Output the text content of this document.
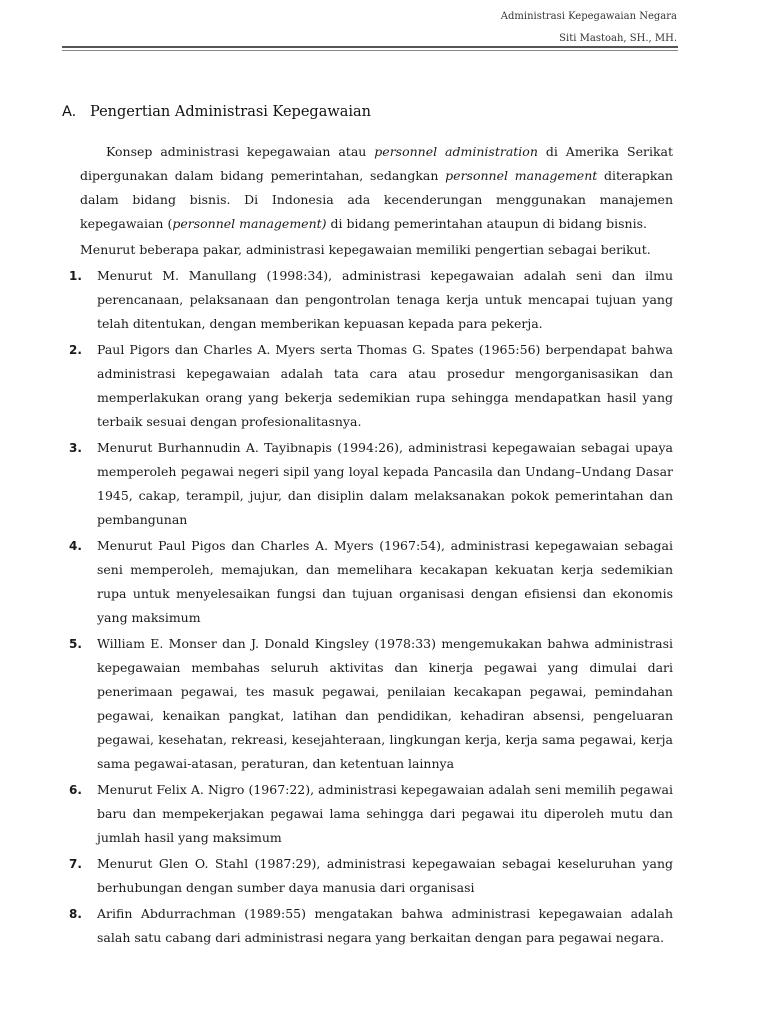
Administrasi Kepegawaian Negara
Siti Mastoah, SH., MH.
A. Pengertian Administrasi Kepegawaian

Konsep administrasi kepegawaian atau personnel administration di Amerika Serikat dipergunakan dalam bidang pemerintahan, sedangkan personnel management diterapkan dalam bidang bisnis. Di Indonesia ada kecenderungan menggunakan manajemen kepegawaian (personnel management) di bidang pemerintahan ataupun di bidang bisnis.

Menurut beberapa pakar, administrasi kepegawaian memiliki pengertian sebagai berikut.

1. Menurut M. Manullang (1998:34), administrasi kepegawaian adalah seni dan ilmu perencanaan, pelaksanaan dan pengontrolan tenaga kerja untuk mencapai tujuan yang telah ditentukan, dengan memberikan kepuasan kepada para pekerja.
2. Paul Pigors dan Charles A. Myers serta Thomas G. Spates (1965:56) berpendapat bahwa administrasi kepegawaian adalah tata cara atau prosedur mengorganisasikan dan memperlakukan orang yang bekerja sedemikian rupa sehingga mendapatkan hasil yang terbaik sesuai dengan profesionalitasnya.
3. Menurut Burhannudin A. Tayibnapis (1994:26), administrasi kepegawaian sebagai upaya memperoleh pegawai negeri sipil yang loyal kepada Pancasila dan Undang–Undang Dasar 1945, cakap, terampil, jujur, dan disiplin dalam melaksanakan pokok pemerintahan dan pembangunan
4. Menurut Paul Pigos dan Charles A. Myers (1967:54), administrasi kepegawaian sebagai seni memperoleh, memajukan, dan memelihara kecakapan kekuatan kerja sedemikian rupa untuk menyelesaikan fungsi dan tujuan organisasi dengan efisiensi dan ekonomis yang maksimum
5. William E. Monser dan J. Donald Kingsley (1978:33) mengemukakan bahwa administrasi kepegawaian membahas seluruh aktivitas dan kinerja pegawai yang dimulai dari penerimaan pegawai, tes masuk pegawai, penilaian kecakapan pegawai, pemindahan pegawai, kenaikan pangkat, latihan dan pendidikan, kehadiran absensi, pengeluaran pegawai, kesehatan, rekreasi, kesejahteraan, lingkungan kerja, kerja sama pegawai, kerja sama pegawai-atasan, peraturan, dan ketentuan lainnya
6. Menurut Felix A. Nigro (1967:22), administrasi kepegawaian adalah seni memilih pegawai baru dan mempekerjakan pegawai lama sehingga dari pegawai itu diperoleh mutu dan jumlah hasil yang maksimum
7. Menurut Glen O. Stahl (1987:29), administrasi kepegawaian sebagai keseluruhan yang berhubungan dengan sumber daya manusia dari organisasi
8. Arifin Abdurrachman (1989:55) mengatakan bahwa administrasi kepegawaian adalah salah satu cabang dari administrasi negara yang berkaitan dengan para pegawai negara.
